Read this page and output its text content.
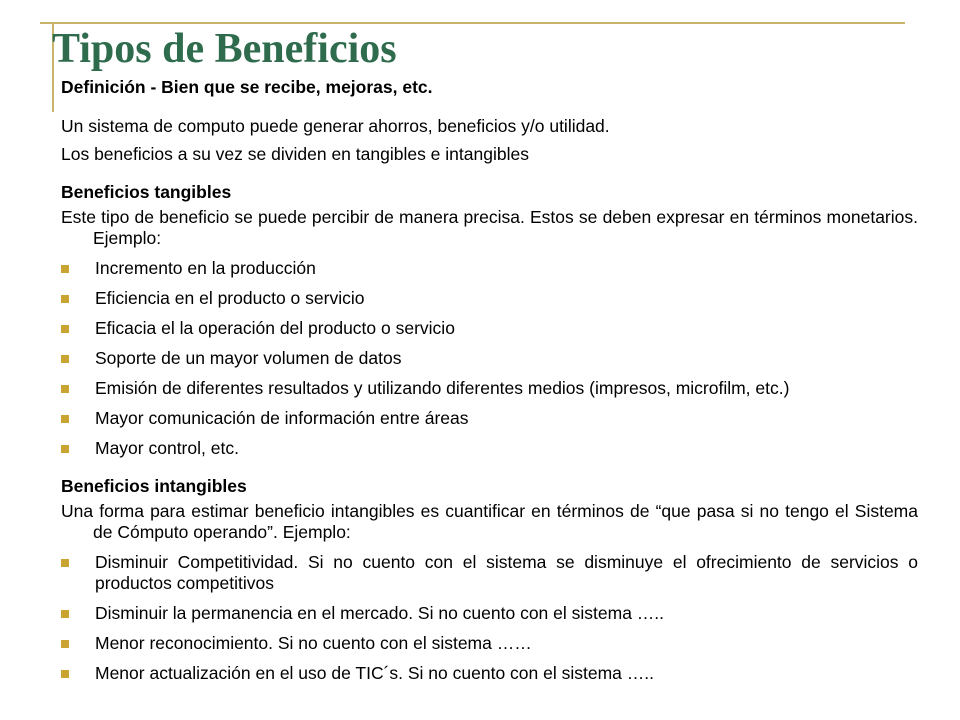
Tipos de Beneficios

Definición - Bien que se recibe, mejoras, etc.

Un sistema de computo puede generar ahorros, beneficios y/o utilidad.

Los beneficios a su vez se dividen en tangibles e intangibles

Beneficios tangibles

Este tipo de beneficio se puede percibir de manera precisa. Estos se deben expresar en términos monetarios. Ejemplo:

Incremento en la producción
Eficiencia en el producto o servicio
Eficacia el la operación del producto o servicio
Soporte de un mayor volumen de datos
Emisión de diferentes resultados y utilizando diferentes medios (impresos, microfilm, etc.)
Mayor comunicación de información entre áreas
Mayor control, etc.

Beneficios intangibles

Una forma para estimar beneficio intangibles es cuantificar en términos de “que pasa si no tengo el Sistema de Cómputo operando”. Ejemplo:

Disminuir Competitividad. Si no cuento con el sistema se disminuye el ofrecimiento de servicios o productos competitivos
Disminuir la permanencia en el mercado. Si no cuento con el sistema …..
Menor reconocimiento. Si no cuento con el sistema ……
Menor actualización en el uso de TIC´s. Si no cuento con el sistema …..
